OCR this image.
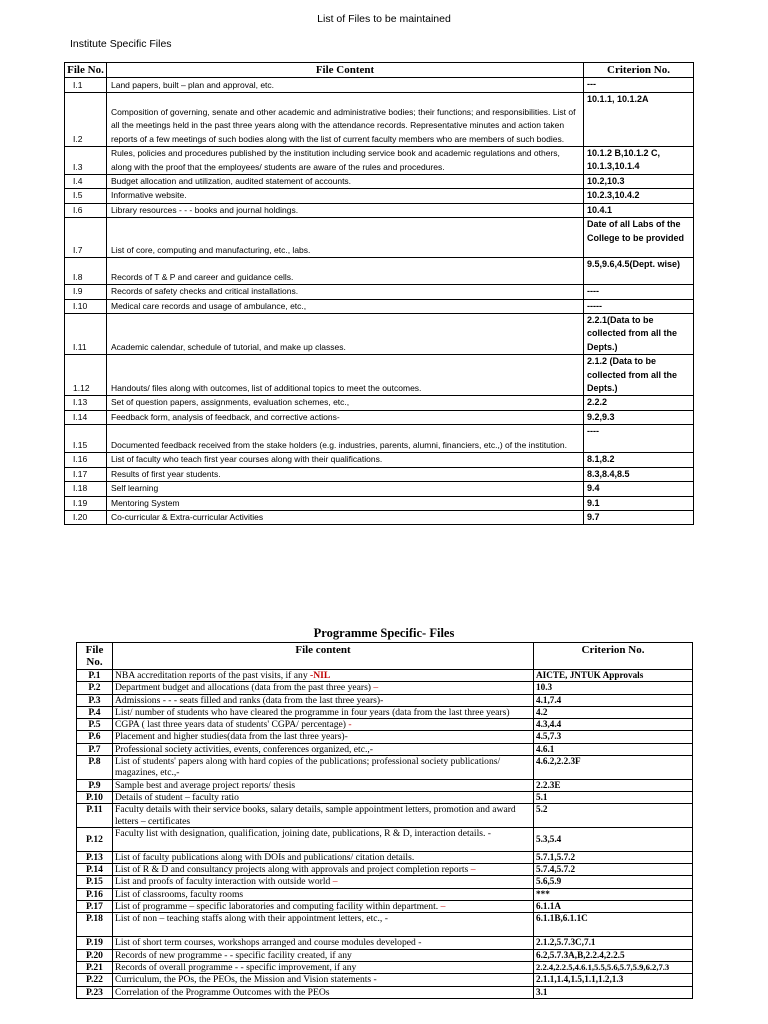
List of Files to be maintained
Institute Specific Files
File No.	File Content	Criterion No.
I.1	Land papers, built – plan and approval, etc.	---
I.2	Composition of governing, senate and other academic and administrative bodies; their functions; and responsibilities. List of all the meetings held in the past three years along with the attendance records. Representative minutes and action taken reports of a few meetings of such bodies along with the list of current faculty members who are members of such bodies.	10.1.1, 10.1.2A
I.3	Rules, policies and procedures published by the institution including service book and academic regulations and others, along with the proof that the employees/ students are aware of the rules and procedures.	10.1.2 B,10.1.2 C, 10.1.3,10.1.4
I.4	Budget allocation and utilization, audited statement of accounts.	10.2,10.3
I.5	Informative website.	10.2.3,10.4.2
I.6	Library resources - - - books and journal holdings.	10.4.1
I.7	List of core, computing and manufacturing, etc., labs.	Date of all Labs of the College to be provided
I.8	Records of T & P and career and guidance cells.	9.5,9.6,4.5(Dept. wise)
I.9	Records of safety checks and critical installations.	----
I.10	Medical care records and usage of ambulance, etc.,	-----
I.11	Academic calendar, schedule of tutorial, and make up classes.	2.2.1(Data to be collected from all the Depts.)
1.12	Handouts/ files along with outcomes, list of additional topics to meet the outcomes.	2.1.2 (Data to be collected from all the Depts.)
I.13	Set of question papers, assignments, evaluation schemes, etc.,	2.2.2
I.14	Feedback form, analysis of feedback, and corrective actions-	9.2,9.3
I.15	Documented feedback received from the stake holders (e.g. industries, parents, alumni, financiers, etc.,) of the institution.	----
I.16	List of faculty who teach first year courses along with their qualifications.	8.1,8.2
I.17	Results of first year students.	8.3,8.4,8.5
I.18	Self learning	9.4
I.19	Mentoring System	9.1
I.20	Co-curricular & Extra-curricular Activities	9.7
Programme Specific- Files
File No.	File content	Criterion No.
P.1	NBA accreditation reports of the past visits, if any -NIL	AICTE, JNTUK Approvals
P.2	Department budget and allocations (data from the past three years) –	10.3
P.3	Admissions - - - seats filled and ranks (data from the last three years)-	4.1,7.4
P.4	List/ number of students who have cleared the programme in four years (data from the last three years)	4.2
P.5	CGPA ( last three years data of students' CGPA/ percentage) -	4.3,4.4
P.6	Placement and higher studies(data from the last three years)-	4.5,7.3
P.7	Professional society activities, events, conferences organized, etc.,-	4.6.1
P.8	List of students' papers along with hard copies of the publications; professional society publications/ magazines, etc.,-	4.6.2,2.2.3F
P.9	Sample best and average project reports/ thesis	2.2.3E
P.10	Details of student – faculty ratio	5.1
P.11	Faculty details with their service books, salary details, sample appointment letters, promotion and award letters – certificates	5.2
P.12	Faculty list with designation, qualification, joining date, publications, R & D, interaction details. -	5.3,5.4
P.13	List of faculty publications along with DOIs and publications/ citation details.	5.7.1,5.7.2
P.14	List of R & D and consultancy projects along with approvals and project completion reports –	5.7.4,5.7.2
P.15	List and proofs of faculty interaction with outside world –	5.6,5.9
P.16	List of classrooms, faculty rooms	***
P.17	List of programme – specific laboratories and computing facility within department. –	6.1.1A
P.18	List of non – teaching staffs along with their appointment letters, etc., -	6.1.1B,6.1.1C
P.19	List of short term courses, workshops arranged and course modules developed -	2.1.2,5.7.3C,7.1
P.20	Records of new programme - - specific facility created, if any	6.2,5.7.3A,B,2.2.4,2.2.5
P.21	Records of overall programme - - specific improvement, if any	2.2.4,2.2.5,4.6.1,5.5,5.6,5.7,5.9,6.2,7.3
P.22	Curriculum, the POs, the PEOs, the Mission and Vision statements -	2.1.1,1.4,1.5,1.1,1.2,1.3
P.23	Correlation of the Programme Outcomes with the PEOs	3.1
